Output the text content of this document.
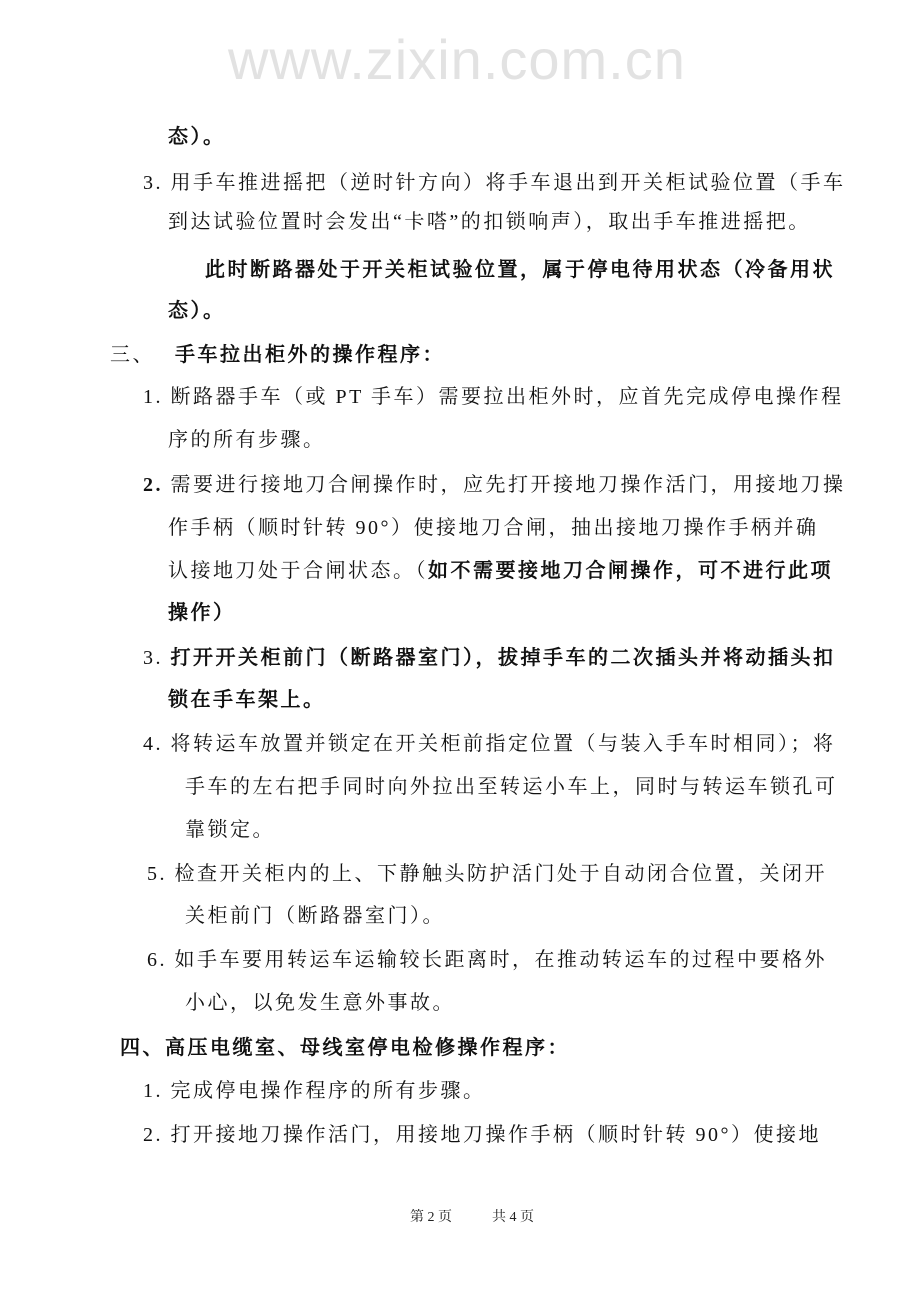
www.zixin.com.cn
态）。
3. 用手车推进摇把（逆时针方向）将手车退出到开关柜试验位置（手车
到达试验位置时会发出“卡嗒”的扣锁响声），取出手车推进摇把。
此时断路器处于开关柜试验位置，属于停电待用状态（冷备用状
态）。
三、 手车拉出柜外的操作程序：
1. 断路器手车（或 PT 手车）需要拉出柜外时，应首先完成停电操作程
序的所有步骤。
2. 需要进行接地刀合闸操作时，应先打开接地刀操作活门，用接地刀操
作手柄（顺时针转 90°）使接地刀合闸，抽出接地刀操作手柄并确
认接地刀处于合闸状态。（如不需要接地刀合闸操作，可不进行此项
操作）
3. 打开开关柜前门（断路器室门），拔掉手车的二次插头并将动插头扣
锁在手车架上。
4. 将转运车放置并锁定在开关柜前指定位置（与装入手车时相同）；将
手车的左右把手同时向外拉出至转运小车上，同时与转运车锁孔可
靠锁定。
5. 检查开关柜内的上、下静触头防护活门处于自动闭合位置，关闭开
关柜前门（断路器室门）。
6. 如手车要用转运车运输较长距离时，在推动转运车的过程中要格外
小心，以免发生意外事故。
四、高压电缆室、母线室停电检修操作程序：
1. 完成停电操作程序的所有步骤。
2. 打开接地刀操作活门，用接地刀操作手柄（顺时针转 90°）使接地
第 2 页	共 4 页
